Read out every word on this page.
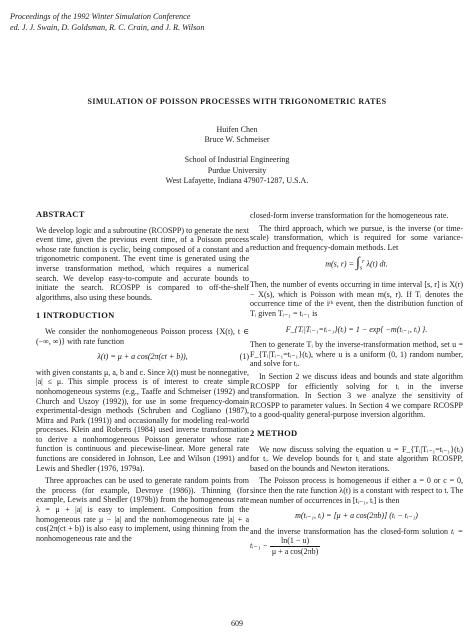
Proceedings of the 1992 Winter Simulation Conference
ed. J. J. Swain, D. Goldsman, R. C. Crain, and J. R. Wilson
SIMULATION OF POISSON PROCESSES WITH TRIGONOMETRIC RATES
Huifen Chen
Bruce W. Schmeiser
School of Industrial Engineering
Purdue University
West Lafayette, Indiana 47907-1287, U.S.A.
ABSTRACT

We develop logic and a subroutine (RCOSPP) to generate the next event time, given the previous event time, of a Poisson process whose rate function is cyclic, being composed of a constant and a trigonometric component. The event time is generated using the inverse transformation method, which requires a numerical search. We develop easy-to-compute and accurate bounds to initiate the search. RCOSPP is compared to off-the-shelf algorithms, also using these bounds.

1 INTRODUCTION

We consider the nonhomogeneous Poisson process {X(t), t ∈ (−∞, ∞)} with rate function

λ(t) = μ + a cos(2π(ct + b)),	(1)

with given constants μ, a, b and c. Since λ(t) must be nonnegative, |a| ≤ μ. This simple process is of interest to create simple nonhomogeneous systems (e.g., Taaffe and Schmeiser (1992) and Church and Uszoy (1992)), for use in some frequency-domain experimental-design methods (Schruben and Cogliano (1987), Mitra and Park (1991)) and occasionally for modeling real-world processes. Klein and Roberts (1984) used inverse transformation to derive a nonhomogeneous Poisson generator whose rate function is continuous and piecewise-linear. More general rate functions are considered in Johnson, Lee and Wilson (1991) and Lewis and Shedler (1976, 1979a).

Three approaches can be used to generate random points from the process (for example, Devroye (1986)). Thinning (for example, Lewis and Shedler (1979b)) from the homogeneous rate λ = μ + |a| is easy to implement. Composition from the homogeneous rate μ − |a| and the nonhomogeneous rate |a| + a cos(2π(ct + b)) is also easy to implement, using thinning from the nonhomogeneous rate and the

closed-form inverse transformation for the homogeneous rate.

The third approach, which we pursue, is the inverse (or time-scale) transformation, which is required for some variance-reduction and frequency-domain methods. Let

m(s, $r) = \int_s^r$ λ(t) dt.

Then, the number of events occurring in time interval [s, r] is X(r) − X(s), which is Poisson with mean m(s, r). If Tᵢ denotes the occurrence time of the iᵗʰ event, then the distribution function of Tᵢ given Tᵢ₋₁ = tᵢ₋₁ is

F_{Tᵢ|Tᵢ₋₁=tᵢ₋₁}(tᵢ) = 1 − exp{ −m(tᵢ₋₁, tᵢ) }.

Then to generate Tᵢ by the inverse-transformation method, set u = F_{Tᵢ|Tᵢ₋₁=tᵢ₋₁}(tᵢ), where u is a uniform (0, 1) random number, and solve for tᵢ.

In Section 2 we discuss ideas and bounds and state algorithm RCOSPP for efficiently solving for tᵢ in the inverse transformation. In Section 3 we analyze the sensitivity of RCOSPP to parameter values. In Section 4 we compare RCOSPP to a good-quality general-purpose inversion algorithm.

2 METHOD

We now discuss solving the equation u = F_{Tᵢ|Tᵢ₋₁=tᵢ₋₁}(tᵢ) for tᵢ. We develop bounds for tᵢ and state algorithm RCOSPP, based on the bounds and Newton iterations.

The Poisson process is homogeneous if either a = 0 or c = 0, since then the rate function λ(t) is a constant with respect to t. The mean number of occurrences in [tᵢ₋₁, tᵢ] is then

m(tᵢ₋₁, tᵢ) = [μ + a cos(2πb)] (tᵢ − tᵢ₋₁)

and the inverse transformation has the closed-form solution tᵢ = tᵢ₋₁ − $\frac{\ln(1 - u)}{\text{μ + a cos(2πb)}}$

609
